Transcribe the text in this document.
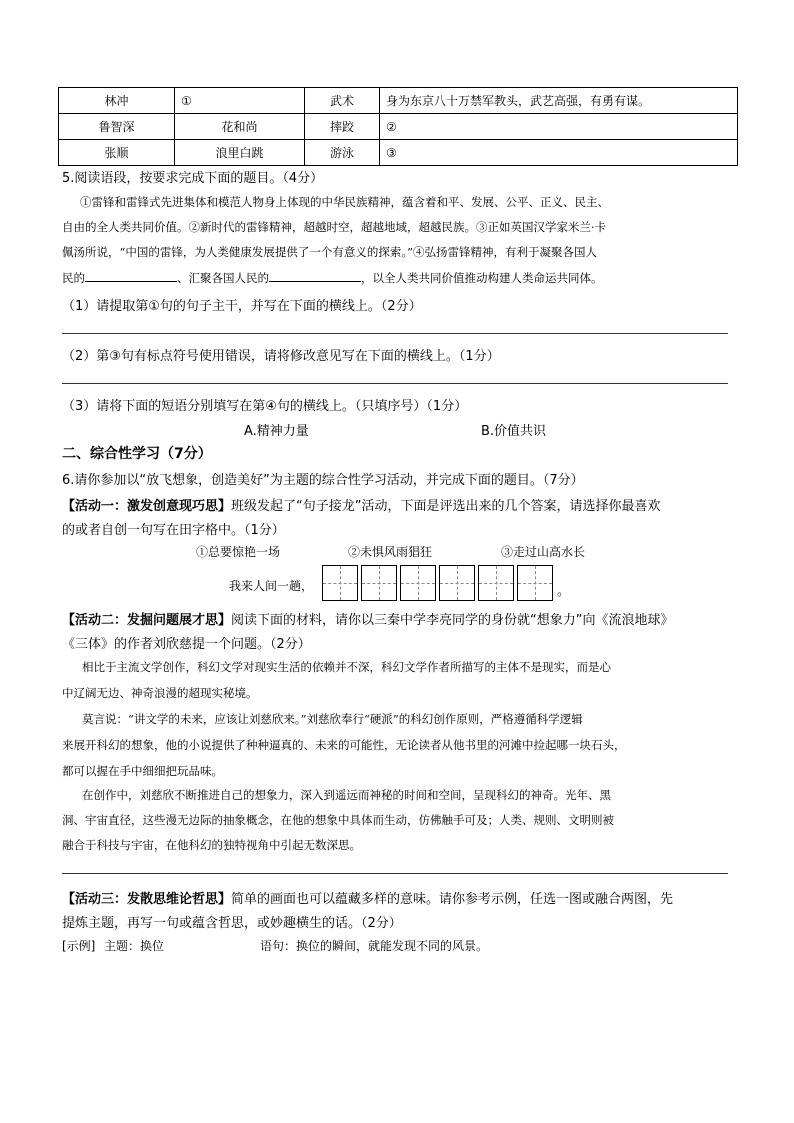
林冲	①	武术	身为东京八十万禁军教头，武艺高强，有勇有谋。
鲁智深	花和尚	摔跤	②
张顺	浪里白跳	游泳	③
5.阅读语段，按要求完成下面的题目。（4分）
①雷锋和雷锋式先进集体和模范人物身上体现的中华民族精神，蕴含着和平、发展、公平、正义、民主、
自由的全人类共同价值。②新时代的雷锋精神，超越时空，超越地域，超越民族。③正如英国汉学家米兰·卡
佩汤所说，“中国的雷锋，为人类健康发展提供了一个有意义的探索。”④弘扬雷锋精神，有利于凝聚各国人
民的	、汇聚各国人民的	，以全人类共同价值推动构建人类命运共同体。
（1）请提取第①句的句子主干，并写在下面的横线上。（2分）
（2）第③句有标点符号使用错误，请将修改意见写在下面的横线上。（1分）
（3）请将下面的短语分别填写在第④句的横线上。（只填序号）（1分）
A.精神力量	B.价值共识
二、综合性学习（7分）
6.请你参加以“放飞想象，创造美好”为主题的综合性学习活动，并完成下面的题目。（7分）
【活动一：激发创意现巧思】班级发起了“句子接龙”活动，下面是评选出来的几个答案，请选择你最喜欢
的或者自创一句写在田字格中。（1分）
①总要惊艳一场	②未惧风雨猖狂	③走过山高水长
我来人间一趟，	。
【活动二：发掘问题展才思】阅读下面的材料，请你以三秦中学李亮同学的身份就“想象力”向《流浪地球》
《三体》的作者刘欣慈提一个问题。（2分）
相比于主流文学创作，科幻文学对现实生活的依赖并不深，科幻文学作者所描写的主体不是现实，而是心
中辽阔无边、神奇浪漫的超现实秘境。
莫言说：“讲文学的未来，应该让刘慈欣来。”刘慈欣奉行“硬派”的科幻创作原则，严格遵循科学逻辑
来展开科幻的想象，他的小说提供了种种逼真的、未来的可能性，无论读者从他书里的河滩中捡起哪一块石头，
都可以握在手中细细把玩品味。
在创作中，刘慈欣不断推进自己的想象力，深入到遥远而神秘的时间和空间，呈现科幻的神奇。光年、黑
洞、宇宙直径，这些漫无边际的抽象概念，在他的想象中具体而生动，仿佛触手可及；人类、规则、文明则被
融合于科技与宇宙，在他科幻的独特视角中引起无数深思。
【活动三：发散思维论哲思】简单的画面也可以蕴藏多样的意味。请你参考示例，任选一图或融合两图，先
提炼主题，再写一句或蕴含哲思，或妙趣横生的话。（2分）
[示例] 主题：换位	语句：换位的瞬间，就能发现不同的风景。
